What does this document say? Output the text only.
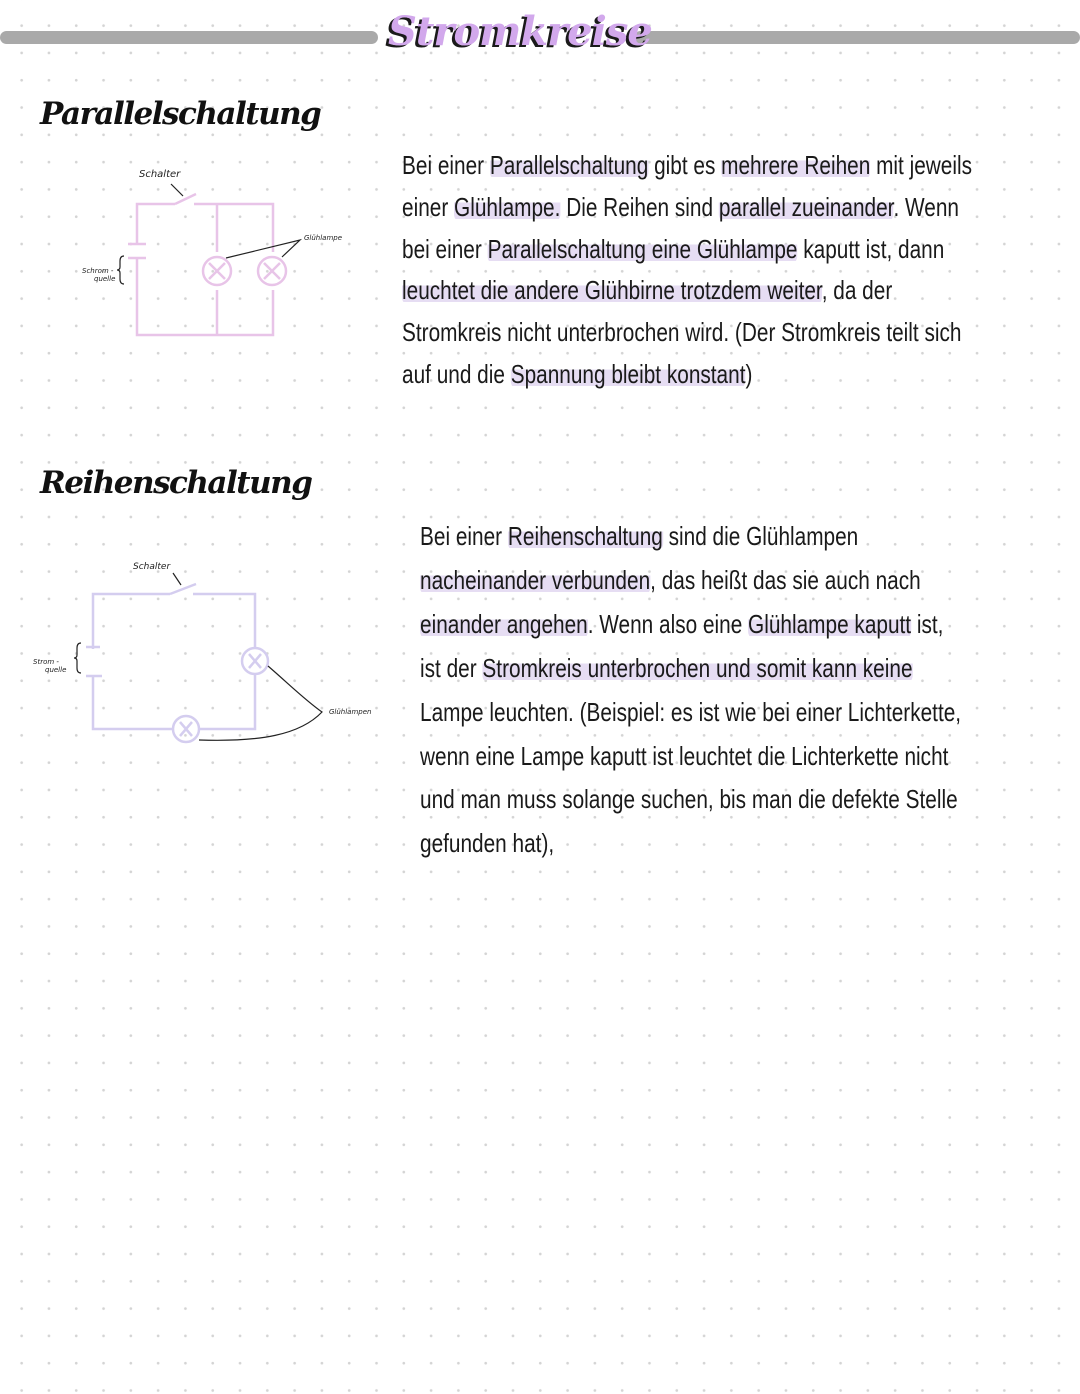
Stromkreise
Parallelschaltung
Reihenschaltung
Schalter
Glühlampe
Schrom -
quelle
Schalter
Glühlampen
Strom -
quelle
Bei einer Parallelschaltung gibt es mehrere Reihen mit jeweils
einer Glühlampe. Die Reihen sind parallel zueinander. Wenn
bei einer Parallelschaltung eine Glühlampe kaputt ist, dann
leuchtet die andere Glühbirne trotzdem weiter, da der
Stromkreis nicht unterbrochen wird. (Der Stromkreis teilt sich
auf und die Spannung bleibt konstant)
Bei einer Reihenschaltung sind die Glühlampen
nacheinander verbunden, das heißt das sie auch nach
einander angehen. Wenn also eine Glühlampe kaputt ist,
ist der Stromkreis unterbrochen und somit kann keine
Lampe leuchten. (Beispiel: es ist wie bei einer Lichterkette,
wenn eine Lampe kaputt ist leuchtet die Lichterkette nicht
und man muss solange suchen, bis man die defekte Stelle
gefunden hat),
